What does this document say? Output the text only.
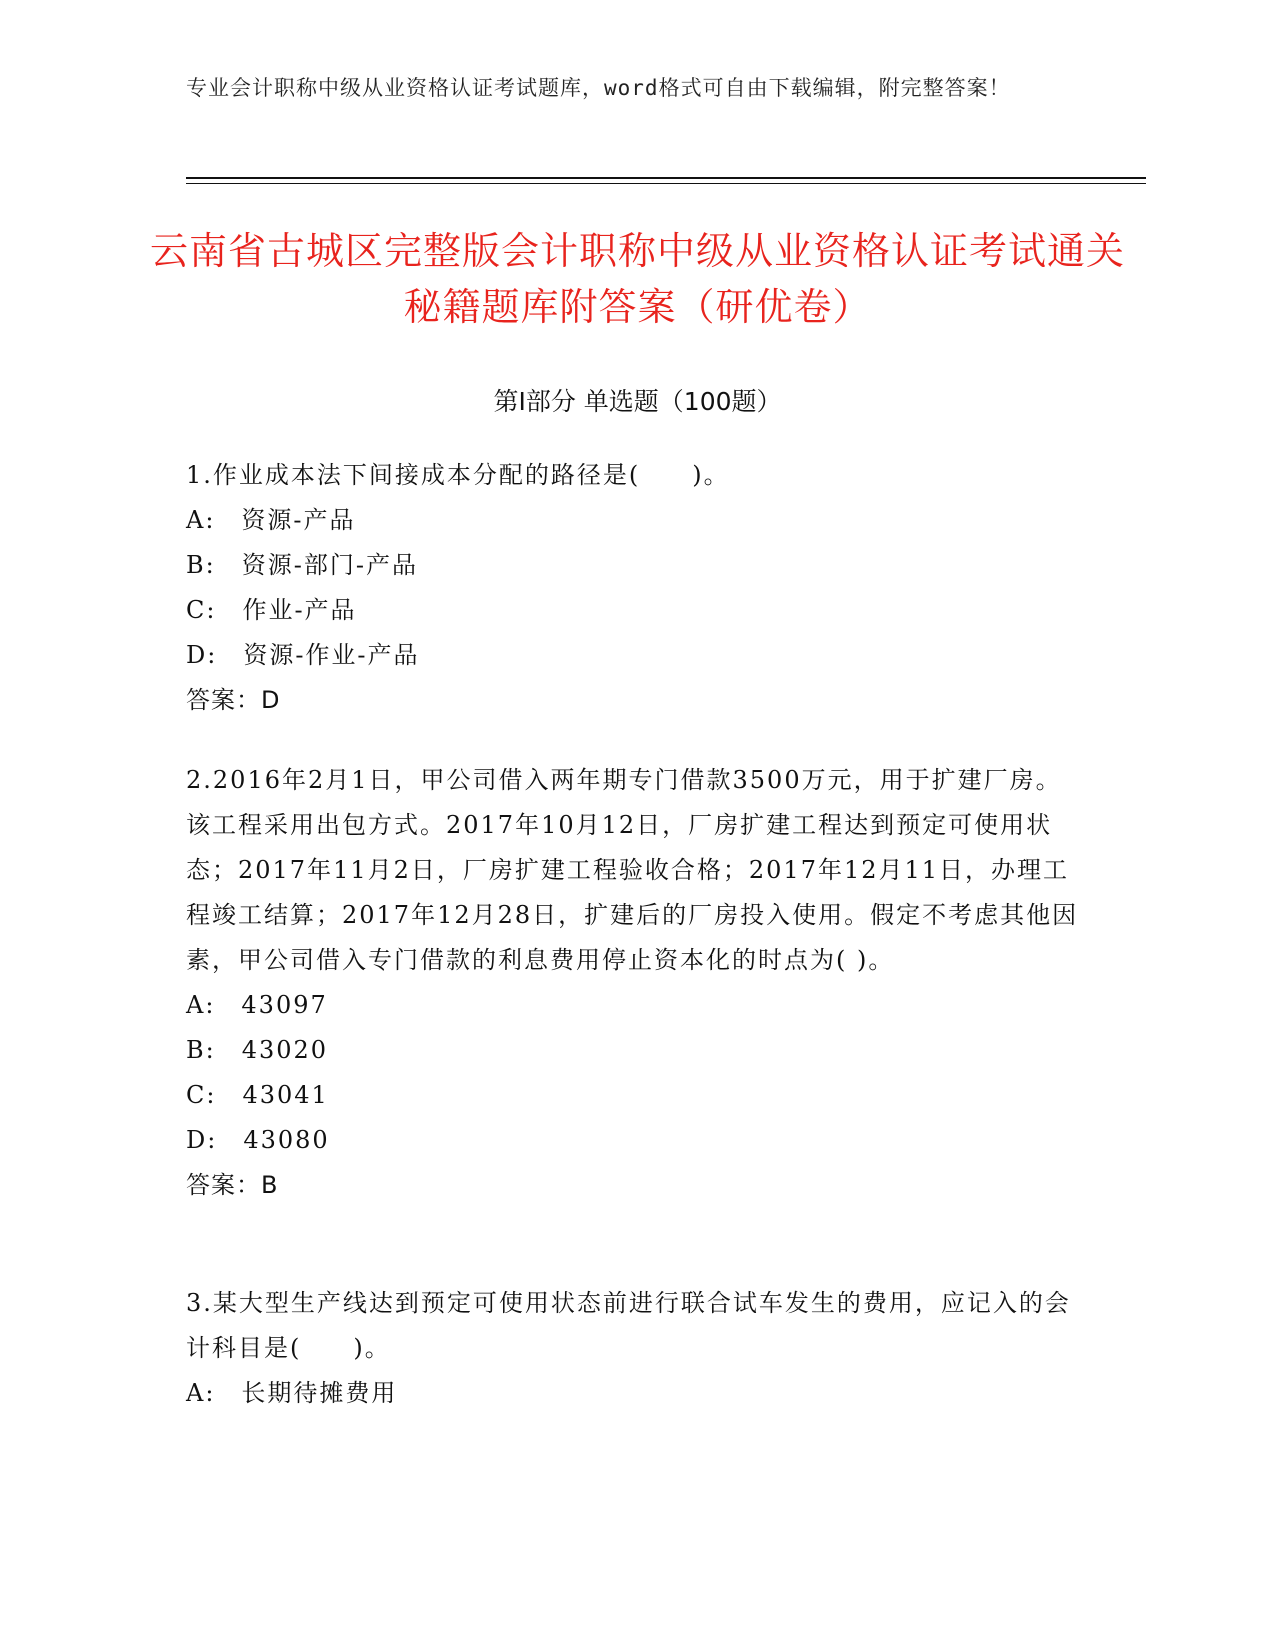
专业会计职称中级从业资格认证考试题库，word格式可自由下载编辑，附完整答案！
云南省古城区完整版会计职称中级从业资格认证考试通关秘籍题库附答案（研优卷）
第Ⅰ部分 单选题（100题）

1.作业成本法下间接成本分配的路径是(　　)。

A:　资源-产品

B:　资源-部门-产品

C:　作业-产品

D:　资源-作业-产品

答案：D

2.2016年2月1日，甲公司借入两年期专门借款3500万元，用于扩建厂房。该工程采用出包方式。2017年10月12日，厂房扩建工程达到预定可使用状态；2017年11月2日，厂房扩建工程验收合格；2017年12月11日，办理工程竣工结算；2017年12月28日，扩建后的厂房投入使用。假定不考虑其他因素，甲公司借入专门借款的利息费用停止资本化的时点为( )。

A:　43097

B:　43020

C:　43041

D:　43080

答案：B

3.某大型生产线达到预定可使用状态前进行联合试车发生的费用，应记入的会计科目是(　　)。

A:　长期待摊费用
